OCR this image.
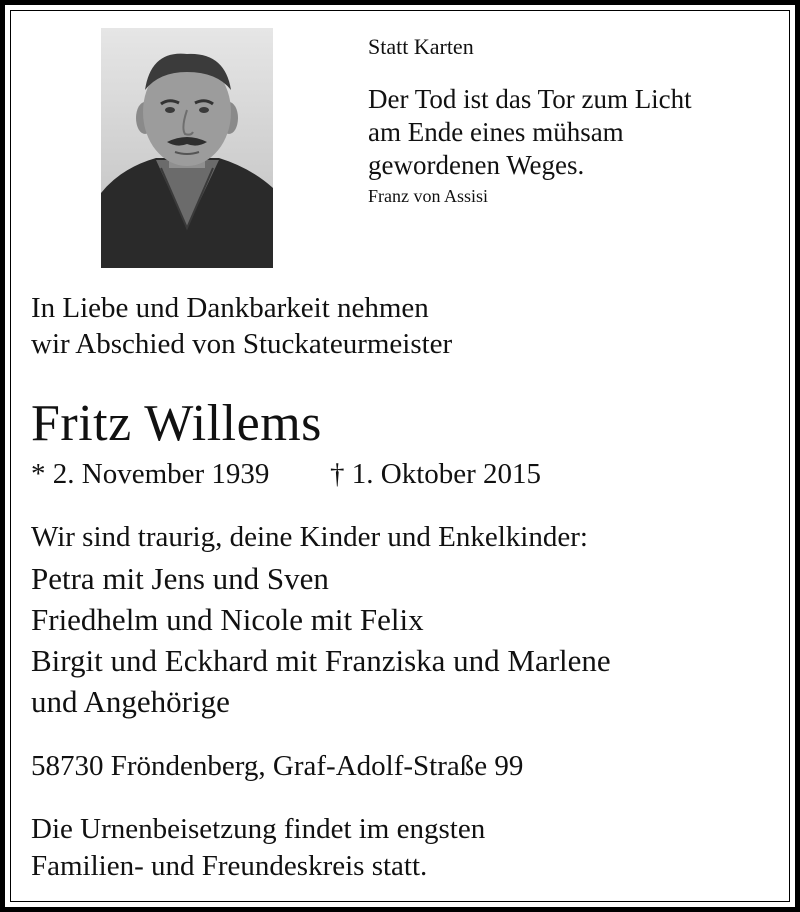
Statt Karten
Der Tod ist das Tor zum Licht
am Ende eines mühsam
gewordenen Weges.
Franz von Assisi
In Liebe und Dankbarkeit nehmen
wir Abschied von Stuckateurmeister
Fritz Willems
* 2. November 1939 † 1. Oktober 2015
Wir sind traurig, deine Kinder und Enkelkinder:
Petra mit Jens und Sven
Friedhelm und Nicole mit Felix
Birgit und Eckhard mit Franziska und Marlene
und Angehörige
58730 Fröndenberg, Graf-Adolf-Straße 99
Die Urnenbeisetzung findet im engsten
Familien- und Freundeskreis statt.
